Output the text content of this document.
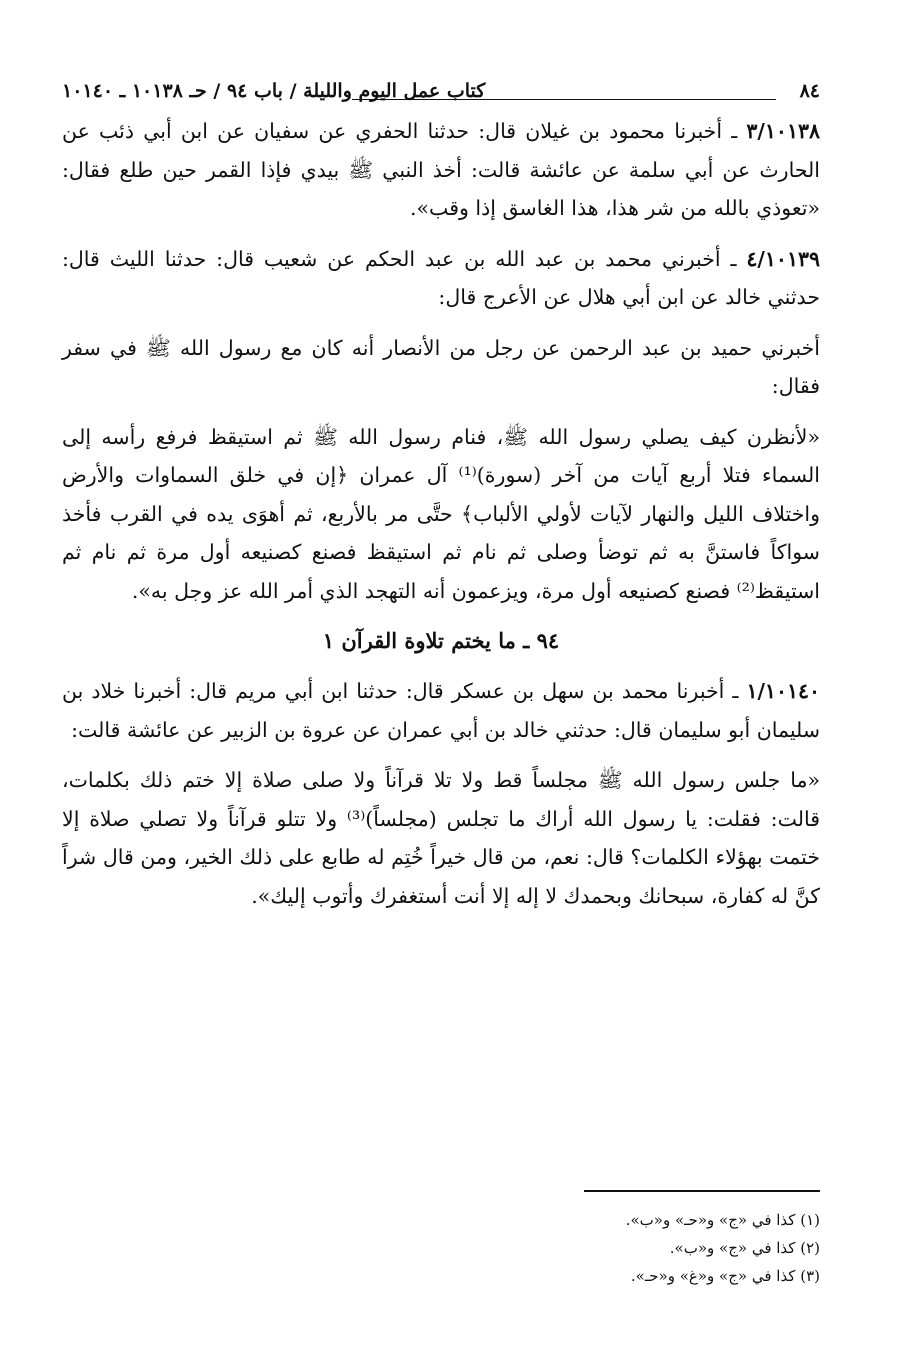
٨٤
كتاب عمل اليوم والليلة / باب ٩٤ / حـ ١٠١٣٨ ـ ١٠١٤٠

٣/١٠١٣٨ ـ أخبرنا محمود بن غيلان قال: حدثنا الحفري عن سفيان عن ابن أبي ذئب عن الحارث عن أبي سلمة عن عائشة قالت: أخذ النبي ﷺ بيدي فإذا القمر حين طلع فقال: «تعوذي بالله من شر هذا، هذا الغاسق إذا وقب».

٤/١٠١٣٩ ـ أخبرني محمد بن عبد الله بن عبد الحكم عن شعيب قال: حدثنا الليث قال: حدثني خالد عن ابن أبي هلال عن الأعرج قال:

أخبرني حميد بن عبد الرحمن عن رجل من الأنصار أنه كان مع رسول الله ﷺ في سفر فقال:

«لأنظرن كيف يصلي رسول الله ﷺ، فنام رسول الله ﷺ ثم استيقظ فرفع رأسه إلى السماء فتلا أربع آيات من آخر (سورة)⁽¹⁾ آل عمران ﴿إن في خلق السماوات والأرض واختلاف الليل والنهار لآيات لأولي الألباب﴾ حتَّى مر بالأربع، ثم أهوَى يده في القرب فأخذ سواكاً فاستنَّ به ثم توضأ وصلى ثم نام ثم استيقظ فصنع كصنيعه أول مرة ثم نام ثم استيقظ⁽²⁾ فصنع كصنيعه أول مرة، ويزعمون أنه التهجد الذي أمر الله عز وجل به».

٩٤ ـ ما يختم تلاوة القرآن ١

١/١٠١٤٠ ـ أخبرنا محمد بن سهل بن عسكر قال: حدثنا ابن أبي مريم قال: أخبرنا خلاد بن سليمان أبو سليمان قال: حدثني خالد بن أبي عمران عن عروة بن الزبير عن عائشة قالت:

«ما جلس رسول الله ﷺ مجلساً قط ولا تلا قرآناً ولا صلى صلاة إلا ختم ذلك بكلمات، قالت: فقلت: يا رسول الله أراك ما تجلس (مجلساً)⁽³⁾ ولا تتلو قرآناً ولا تصلي صلاة إلا ختمت بهؤلاء الكلمات؟ قال: نعم، من قال خيراً خُتِم له طابع على ذلك الخير، ومن قال شراً كنَّ له كفارة، سبحانك وبحمدك لا إله إلا أنت أستغفرك وأتوب إليك».

(١) كذا في «ج» و«حـ» و«ب».

(٢) كذا في «ج» و«ب».

(٣) كذا في «ج» و«غ» و«حـ».
